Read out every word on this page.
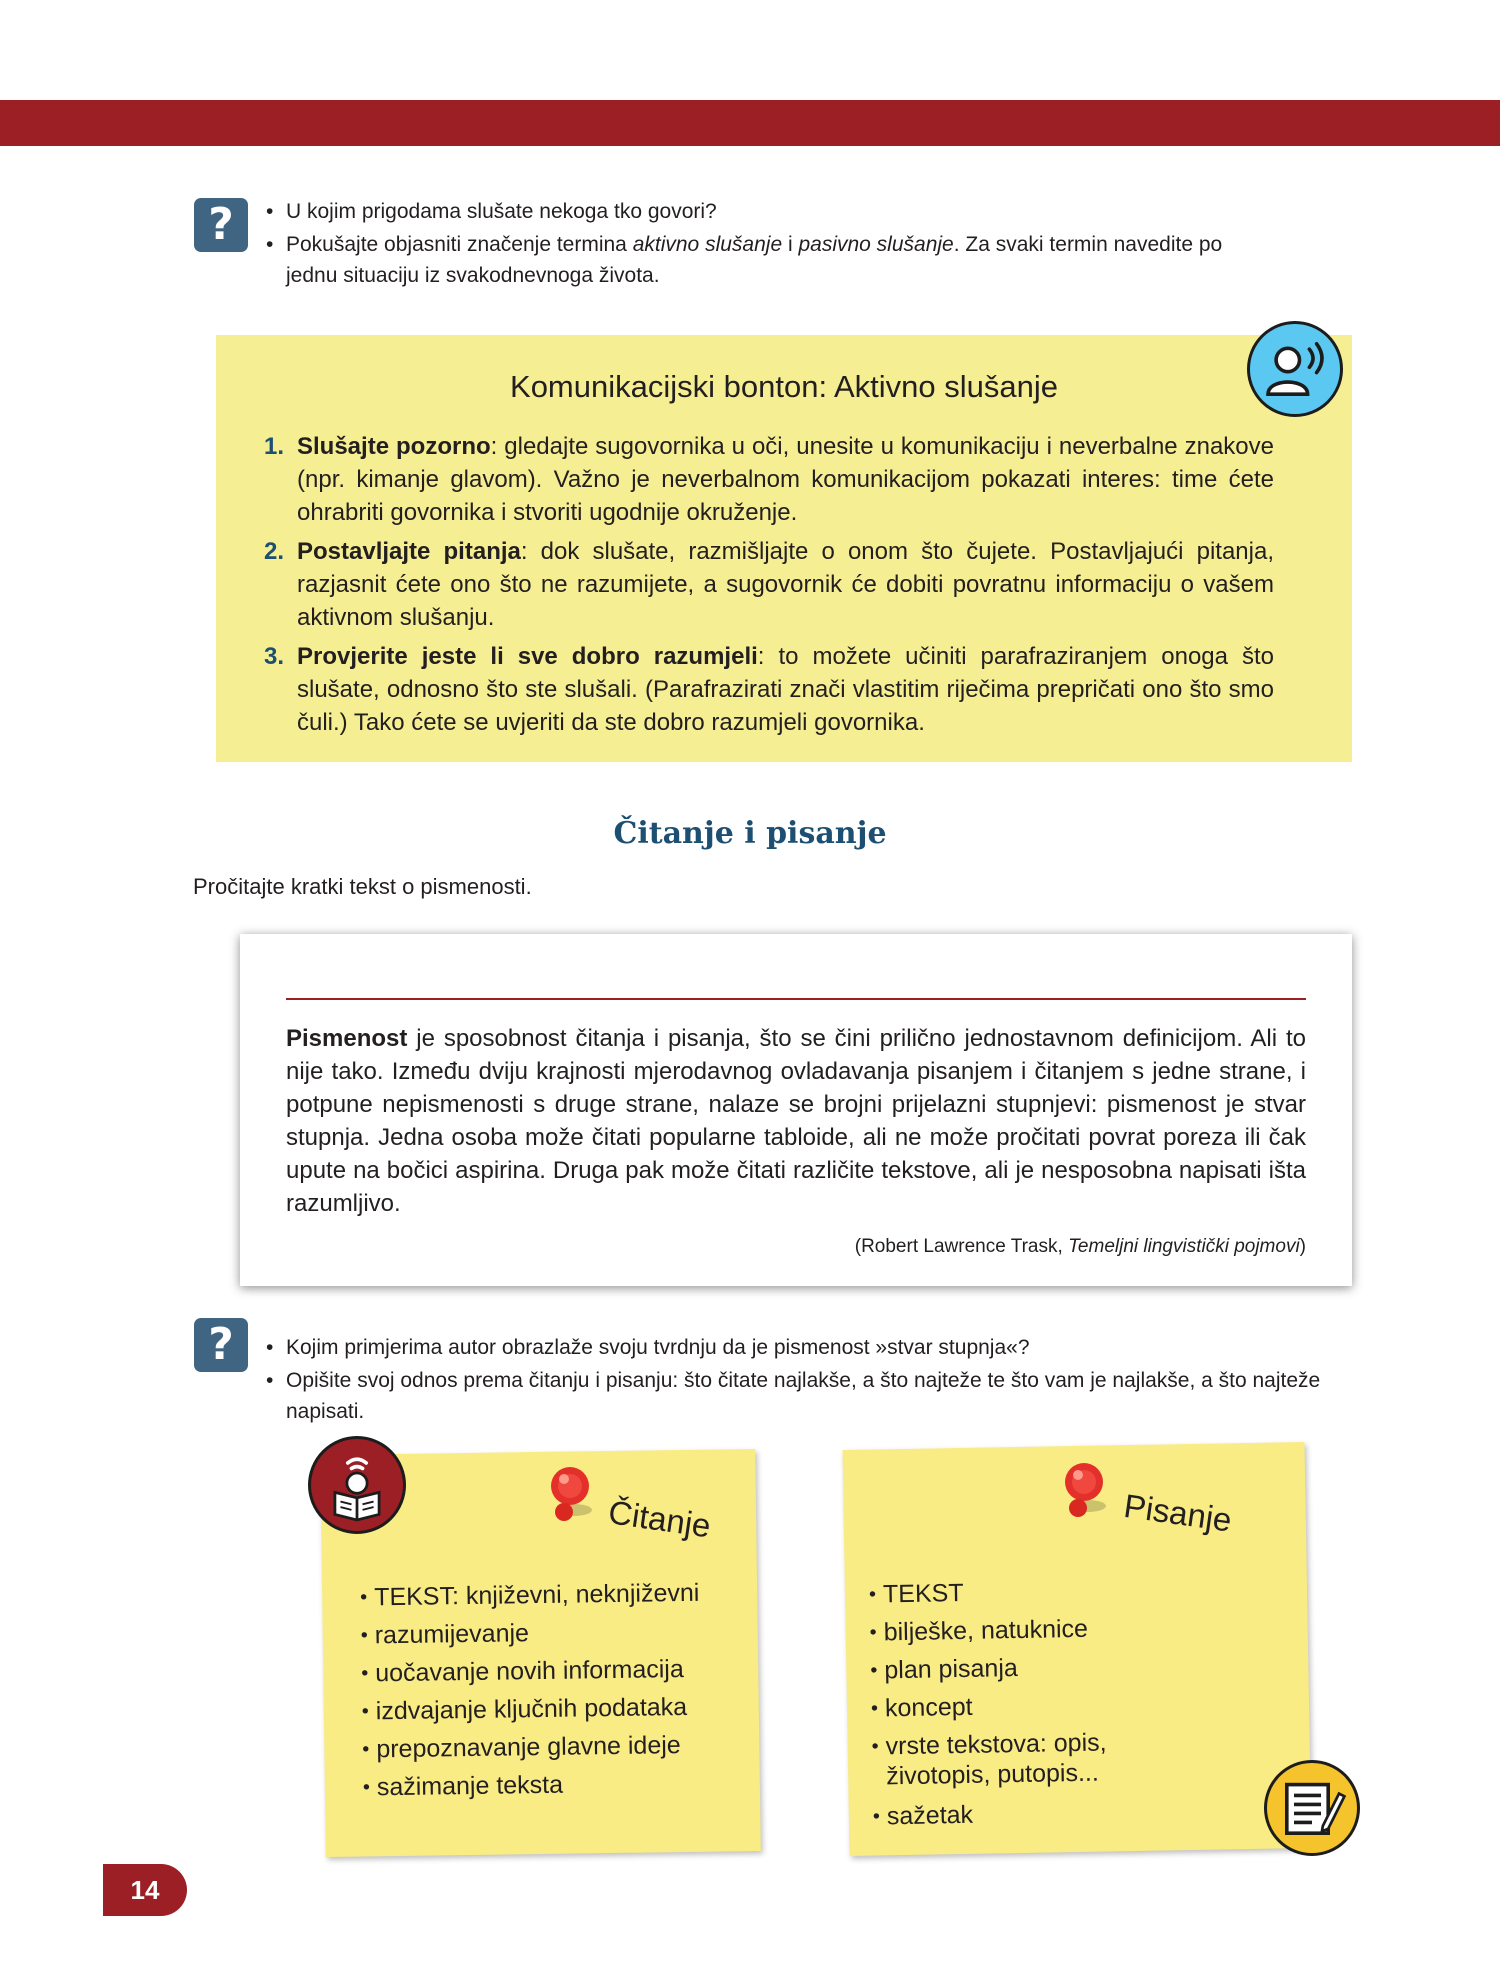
?	• U kojim prigodama slušate nekoga tko govori?
• Pokušajte objasniti značenje termina aktivno slušanje i pasivno slušanje. Za svaki termin navedite po jednu situaciju iz svakodnevnoga života.
Komunikacijski bonton: Aktivno slušanje
1. Slušajte pozorno: gledajte sugovornika u oči, unesite u komunikaciju i neverbalne znakove (npr. kimanje glavom). Važno je neverbalnom komunikacijom pokazati interes: time ćete ohrabriti govornika i stvoriti ugodnije okruženje.
2. Postavljajte pitanja: dok slušate, razmišljajte o onom što čujete. Postavljajući pitanja, razjasnit ćete ono što ne razumijete, a sugovornik će dobiti povratnu informaciju o vašem aktivnom slušanju.
3. Provjerite jeste li sve dobro razumjeli: to možete učiniti parafraziranjem onoga što slušate, odnosno što ste slušali. (Parafrazirati znači vlastitim riječima prepričati ono što smo čuli.) Tako ćete se uvjeriti da ste dobro razumjeli govornika.
Čitanje i pisanje
Pročitajte kratki tekst o pismenosti.

Pismenost je sposobnost čitanja i pisanja, što se čini prilično jednostavnom definicijom. Ali to nije tako. Između dviju krajnosti mjerodavnog ovladavanja pisanjem i čitanjem s jedne strane, i potpune nepismenosti s druge strane, nalaze se brojni prijelazni stupnjevi: pismenost je stvar stupnja. Jedna osoba može čitati popularne tabloide, ali ne može pročitati povrat poreza ili čak upute na bočici aspirina. Druga pak može čitati različite tekstove, ali je nesposobna napisati išta razumljivo.

(Robert Lawrence Trask, Temeljni lingvistički pojmovi)
?	• Kojim primjerima autor obrazlaže svoju tvrdnju da je pismenost »stvar stupnja«?
• Opišite svoj odnos prema čitanju i pisanju: što čitate najlakše, a što najteže te što vam je najlakše, a što najteže napisati.
Čitanje
• TEKST: književni, neknjiževni
• razumijevanje
• uočavanje novih informacija
• izdvajanje ključnih podataka
• prepoznavanje glavne ideje
• sažimanje teksta
Pisanje
• TEKST
• bilješke, natuknice
• plan pisanja
• koncept
• vrste tekstova: opis, životopis, putopis...
• sažetak
14
